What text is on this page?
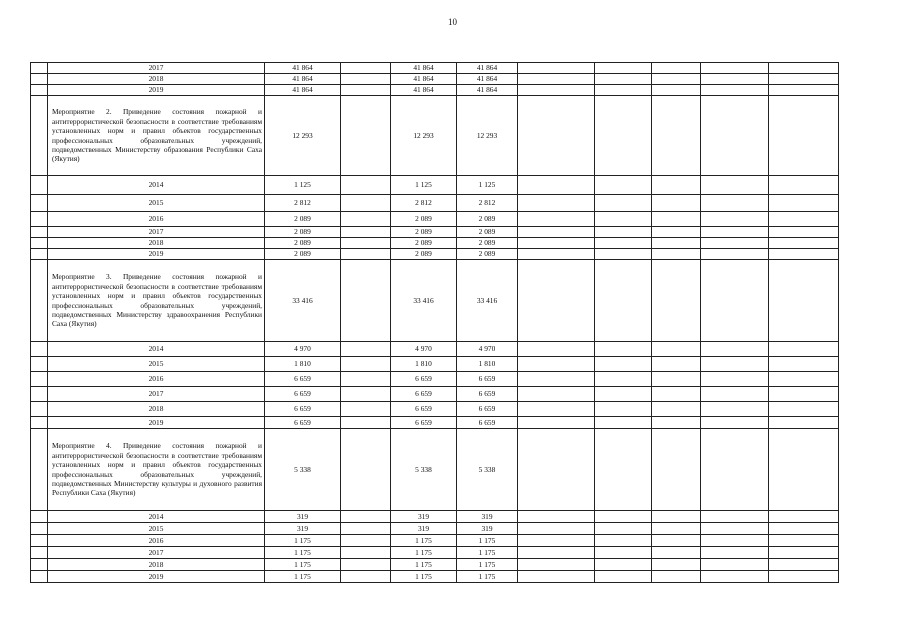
10
	2017	41 864		41 864	41 864					
	2018	41 864		41 864	41 864					
	2019	41 864		41 864	41 864					
	Мероприятие 2. Приведение состояния пожарной и антитеррористической безопасности в соответствие требованиям установленных норм и правил объектов государственных профессиональных образовательных учреждений, подведомственных Министерству образования Республики Саха (Якутия)	12 293		12 293	12 293					
	2014	1 125		1 125	1 125					
	2015	2 812		2 812	2 812					
	2016	2 089		2 089	2 089					
	2017	2 089		2 089	2 089					
	2018	2 089		2 089	2 089					
	2019	2 089		2 089	2 089					
	Мероприятие 3. Приведение состояния пожарной и антитеррористической безопасности в соответствие требованиям установленных норм и правил объектов государственных профессиональных образовательных учреждений, подведомственных Министерству здравоохранения Республики Саха (Якутия)	33 416		33 416	33 416					
	2014	4 970		4 970	4 970					
	2015	1 810		1 810	1 810					
	2016	6 659		6 659	6 659					
	2017	6 659		6 659	6 659					
	2018	6 659		6 659	6 659					
	2019	6 659		6 659	6 659					
	Мероприятие 4. Приведение состояния пожарной и антитеррористической безопасности в соответствие требованиям установленных норм и правил объектов государственных профессиональных образовательных учреждений, подведомственных Министерству культуры и духовного развития Республики Саха (Якутия)	5 338		5 338	5 338					
	2014	319		319	319					
	2015	319		319	319					
	2016	1 175		1 175	1 175					
	2017	1 175		1 175	1 175					
	2018	1 175		1 175	1 175					
	2019	1 175		1 175	1 175					
